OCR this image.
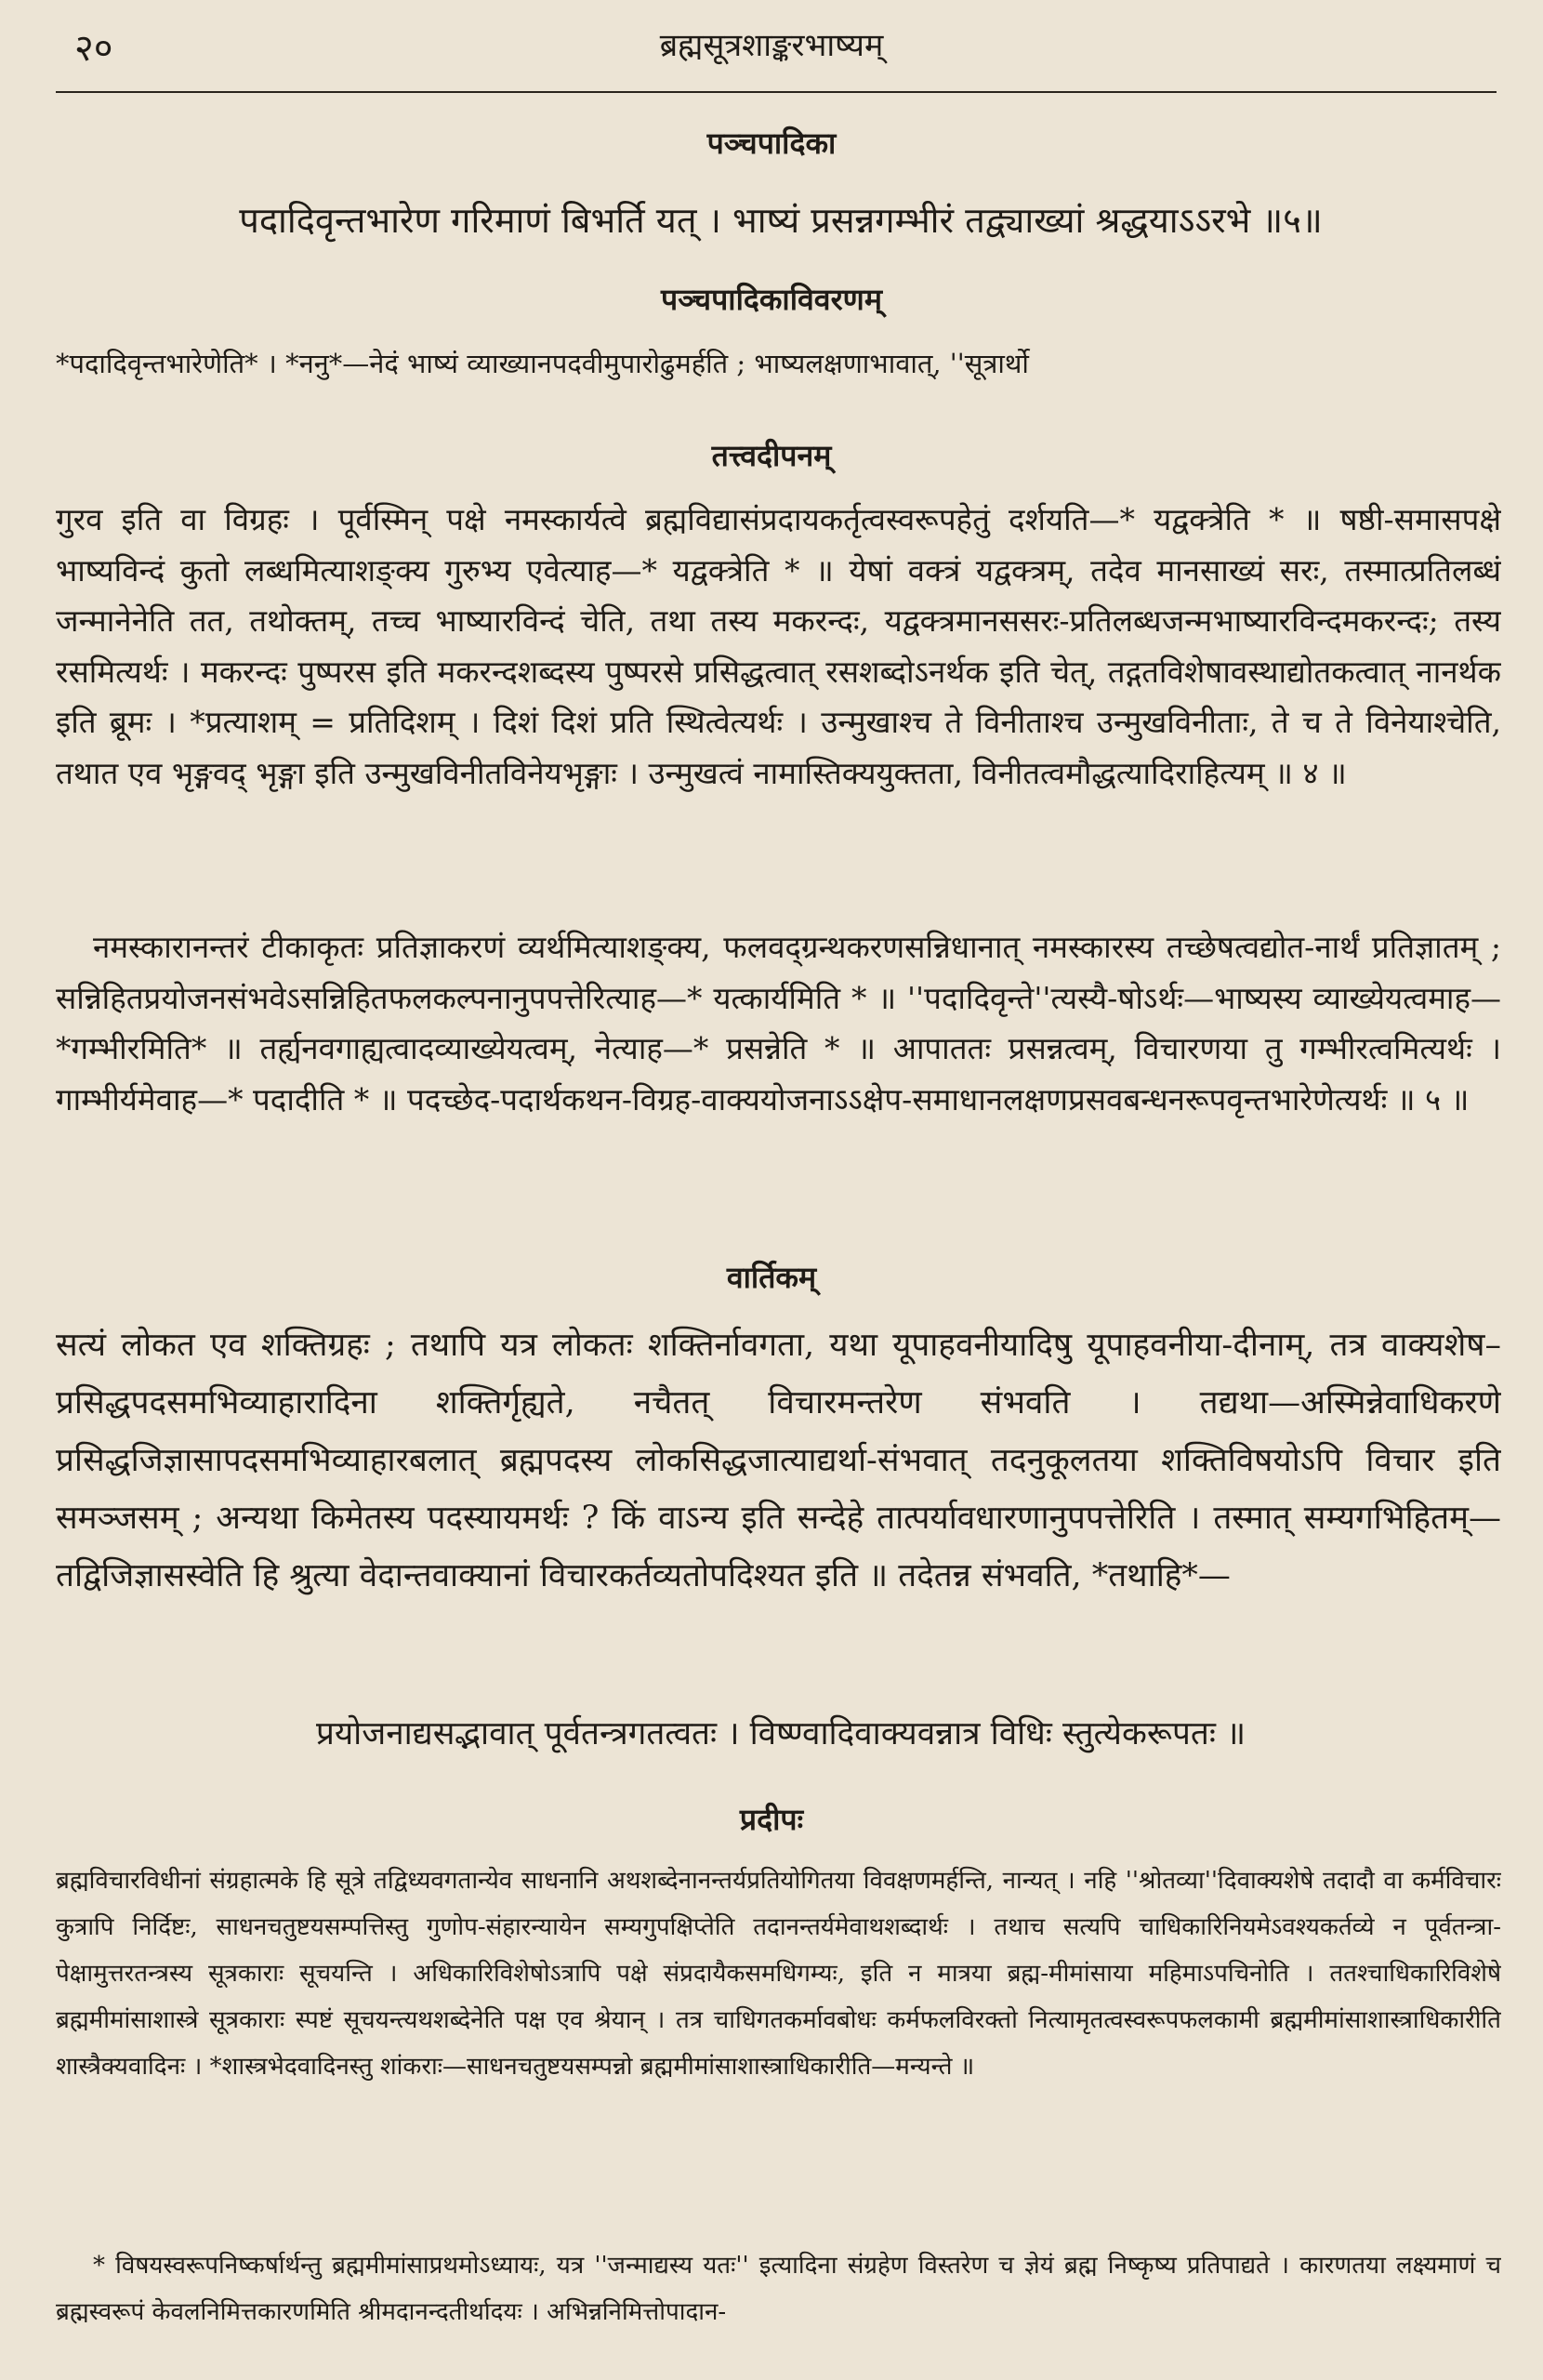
२०	ब्रह्मसूत्रशाङ्करभाष्यम्
पञ्चपादिका
पदादिवृन्तभारेण गरिमाणं बिभर्ति यत् । भाष्यं प्रसन्नगम्भीरं तद्व्याख्यां श्रद्धयाऽऽरभे ॥५॥
पञ्चपादिकाविवरणम्
*पदादिवृन्तभारेणेति* । *ननु*—नेदं भाष्यं व्याख्यानपदवीमुपारोढुमर्हति ; भाष्यलक्षणाभावात्, ''सूत्रार्थो
तत्त्वदीपनम्
गुरव इति वा विग्रहः । पूर्वस्मिन् पक्षे नमस्कार्यत्वे ब्रह्मविद्यासंप्रदायकर्तृत्वस्वरूपहेतुं दर्शयति—* यद्वक्त्रेति * ॥ षष्ठी-समासपक्षे भाष्यविन्दं कुतो लब्धमित्याशङ्क्य गुरुभ्य एवेत्याह—* यद्वक्त्रेति * ॥ येषां वक्त्रं यद्वक्त्रम्, तदेव मानसाख्यं सरः, तस्मात्प्रतिलब्धं जन्मानेनेति तत, तथोक्तम्, तच्च भाष्यारविन्दं चेति, तथा तस्य मकरन्दः, यद्वक्त्रमानससरः-प्रतिलब्धजन्मभाष्यारविन्दमकरन्दः; तस्य रसमित्यर्थः । मकरन्दः पुष्परस इति मकरन्दशब्दस्य पुष्परसे प्रसिद्धत्वात् रसशब्दोऽनर्थक इति चेत्, तद्गतविशेषावस्थाद्योतकत्वात् नानर्थक इति ब्रूमः । *प्रत्याशम् = प्रतिदिशम् । दिशं दिशं प्रति स्थित्वेत्यर्थः । उन्मुखाश्च ते विनीताश्च उन्मुखविनीताः, ते च ते विनेयाश्चेति, तथात एव भृङ्गवद् भृङ्गा इति उन्मुखविनीतविनेयभृङ्गाः । उन्मुखत्वं नामास्तिक्ययुक्तता, विनीतत्वमौद्धत्यादिराहित्यम् ॥ ४ ॥
नमस्कारानन्तरं टीकाकृतः प्रतिज्ञाकरणं व्यर्थमित्याशङ्क्य, फलवद्ग्रन्थकरणसन्निधानात् नमस्कारस्य तच्छेषत्वद्योत-नार्थं प्रतिज्ञातम् ; सन्निहितप्रयोजनसंभवेऽसन्निहितफलकल्पनानुपपत्तेरित्याह—* यत्कार्यमिति * ॥ ''पदादिवृन्ते''त्यस्यै-षोऽर्थः—भाष्यस्य व्याख्येयत्वमाह—*गम्भीरमिति* ॥ तर्ह्यनवगाह्यत्वादव्याख्येयत्वम्, नेत्याह—* प्रसन्नेति * ॥ आपाततः प्रसन्नत्वम्, विचारणया तु गम्भीरत्वमित्यर्थः । गाम्भीर्यमेवाह—* पदादीति * ॥ पदच्छेद-पदार्थकथन-विग्रह-वाक्ययोजनाऽऽक्षेप-समाधानलक्षणप्रसवबन्धनरूपवृन्तभारेणेत्यर्थः ॥ ५ ॥
वार्तिकम्
सत्यं लोकत एव शक्तिग्रहः ; तथापि यत्र लोकतः शक्तिर्नावगता, यथा यूपाहवनीयादिषु यूपाहवनीया-दीनाम्, तत्र वाक्यशेष–प्रसिद्धपदसमभिव्याहारादिना शक्तिर्गृह्यते, नचैतत् विचारमन्तरेण संभवति । तद्यथा—अस्मिन्नेवाधिकरणे प्रसिद्धजिज्ञासापदसमभिव्याहारबलात् ब्रह्मपदस्य लोकसिद्धजात्याद्यर्था-संभवात् तदनुकूलतया शक्तिविषयोऽपि विचार इति समञ्जसम् ; अन्यथा किमेतस्य पदस्यायमर्थः ? किं वाऽन्य इति सन्देहे तात्पर्यावधारणानुपपत्तेरिति । तस्मात् सम्यगभिहितम्—तद्विजिज्ञासस्वेति हि श्रुत्या वेदान्तवाक्यानां विचारकर्तव्यतोपदिश्यत इति ॥ तदेतन्न संभवति, *तथाहि*—
प्रयोजनाद्यसद्भावात् पूर्वतन्त्रगतत्वतः । विष्ण्वादिवाक्यवन्नात्र विधिः स्तुत्येकरूपतः ॥
प्रदीपः
ब्रह्मविचारविधीनां संग्रहात्मके हि सूत्रे तद्विध्यवगतान्येव साधनानि अथशब्देनानन्तर्यप्रतियोगितया विवक्षणमर्हन्ति, नान्यत् । नहि ''श्रोतव्या''दिवाक्यशेषे तदादौ वा कर्मविचारः कुत्रापि निर्दिष्टः, साधनचतुष्टयसम्पत्तिस्तु गुणोप-संहारन्यायेन सम्यगुपक्षिप्तेति तदानन्तर्यमेवाथशब्दार्थः । तथाच सत्यपि चाधिकारिनियमेऽवश्यकर्तव्ये न पूर्वतन्त्रा-पेक्षामुत्तरतन्त्रस्य सूत्रकाराः सूचयन्ति । अधिकारिविशेषोऽत्रापि पक्षे संप्रदायैकसमधिगम्यः, इति न मात्रया ब्रह्म-मीमांसाया महिमाऽपचिनोति । ततश्चाधिकारिविशेषे ब्रह्ममीमांसाशास्त्रे सूत्रकाराः स्पष्टं सूचयन्त्यथशब्देनेति पक्ष एव श्रेयान् । तत्र चाधिगतकर्मावबोधः कर्मफलविरक्तो नित्यामृतत्वस्वरूपफलकामी ब्रह्ममीमांसाशास्त्राधिकारीति शास्त्रैक्यवादिनः । *शास्त्रभेदवादिनस्तु शांकराः—साधनचतुष्टयसम्पन्नो ब्रह्ममीमांसाशास्त्राधिकारीति—मन्यन्ते ॥
* विषयस्वरूपनिष्कर्षार्थन्तु ब्रह्ममीमांसाप्रथमोऽध्यायः, यत्र ''जन्माद्यस्य यतः'' इत्यादिना संग्रहेण विस्तरेण च ज्ञेयं ब्रह्म निष्कृष्य प्रतिपाद्यते । कारणतया लक्ष्यमाणं च ब्रह्मस्वरूपं केवलनिमित्तकारणमिति श्रीमदानन्दतीर्थादयः । अभिन्ननिमित्तोपादान-
